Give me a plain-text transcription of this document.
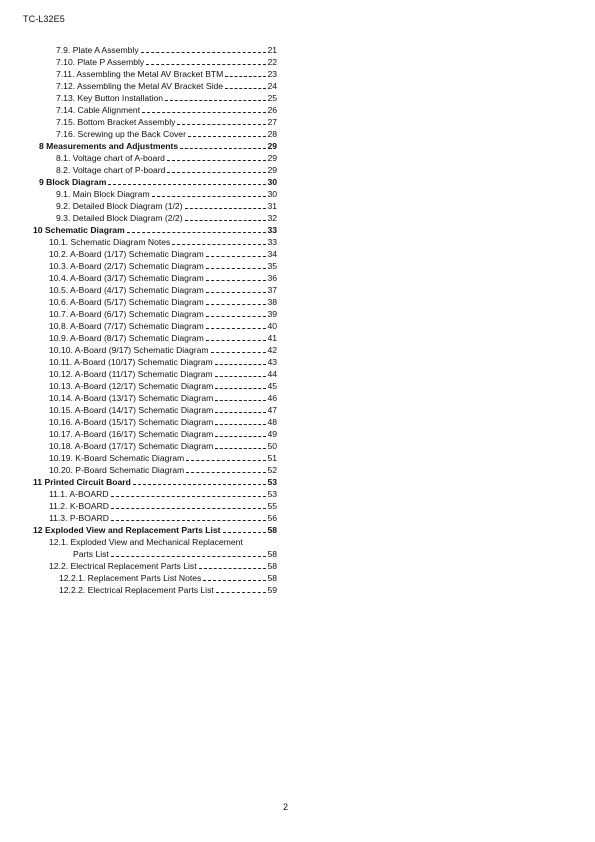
TC-L32E5
7.9. Plate A Assembly	21
7.10. Plate P Assembly	22
7.11. Assembling the Metal AV Bracket BTM	23
7.12. Assembling the Metal AV Bracket Side	24
7.13. Key Button Installation	25
7.14. Cable Alignment	26
7.15. Bottom Bracket Assembly	27
7.16. Screwing up the Back Cover	28
8 Measurements and Adjustments	29
8.1. Voltage chart of A-board	29
8.2. Voltage chart of P-board	29
9 Block Diagram	30
9.1. Main Block Diagram	30
9.2. Detailed Block Diagram (1/2)	31
9.3. Detailed Block Diagram (2/2)	32
10 Schematic Diagram	33
10.1. Schematic Diagram Notes	33
10.2. A-Board (1/17) Schematic Diagram	34
10.3. A-Board (2/17) Schematic Diagram	35
10.4. A-Board (3/17) Schematic Diagram	36
10.5. A-Board (4/17) Schematic Diagram	37
10.6. A-Board (5/17) Schematic Diagram	38
10.7. A-Board (6/17) Schematic Diagram	39
10.8. A-Board (7/17) Schematic Diagram	40
10.9. A-Board (8/17) Schematic Diagram	41
10.10. A-Board (9/17) Schematic Diagram	42
10.11. A-Board (10/17) Schematic Diagram	43
10.12. A-Board (11/17) Schematic Diagram	44
10.13. A-Board (12/17) Schematic Diagram	45
10.14. A-Board (13/17) Schematic Diagram	46
10.15. A-Board (14/17) Schematic Diagram	47
10.16. A-Board (15/17) Schematic Diagram	48
10.17. A-Board (16/17) Schematic Diagram	49
10.18. A-Board (17/17) Schematic Diagram	50
10.19. K-Board Schematic Diagram	51
10.20. P-Board Schematic Diagram	52
11 Printed Circuit Board	53
11.1. A-BOARD	53
11.2. K-BOARD	55
11.3. P-BOARD	56
12 Exploded View and Replacement Parts List	58
12.1. Exploded View and Mechanical Replacement
Parts List	58
12.2. Electrical Replacement Parts List	58
12.2.1. Replacement Parts List Notes	58
12.2.2. Electrical Replacement Parts List	59
2
